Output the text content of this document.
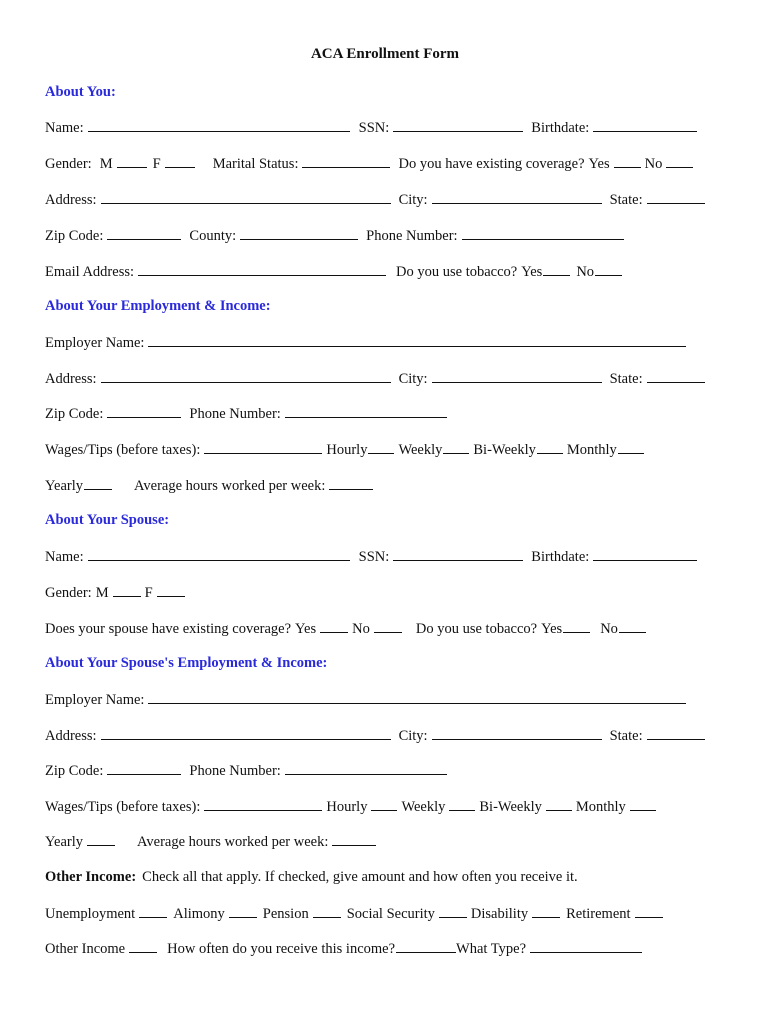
ACA Enrollment Form
About You:
Name:	SSN:	Birthdate:
Gender: M	F	Marital Status:	Do you have existing coverage? Yes No
Address:	City:	State:
Zip Code:	County:	Phone Number:
Email Address:	Do you use tobacco? Yes No
About Your Employment & Income:
Employer Name:
Address:	City:	State:
Zip Code:	Phone Number:
Wages/Tips (before taxes):	Hourly Weekly Bi-Weekly Monthly
Yearly	Average hours worked per week:
About Your Spouse:
Name:	SSN:	Birthdate:
Gender: M F
Does your spouse have existing coverage? Yes No	Do you use tobacco? Yes	No
About Your Spouse's Employment & Income:
Employer Name:
Address:	City:	State:
Zip Code:	Phone Number:
Wages/Tips (before taxes):	Hourly Weekly Bi-Weekly Monthly
Yearly	Average hours worked per week:
Other Income: Check all that apply. If checked, give amount and how often you receive it.
Unemployment	Alimony	Pension	Social Security Disability	Retirement
Other Income	How often do you receive this income?	What Type?
